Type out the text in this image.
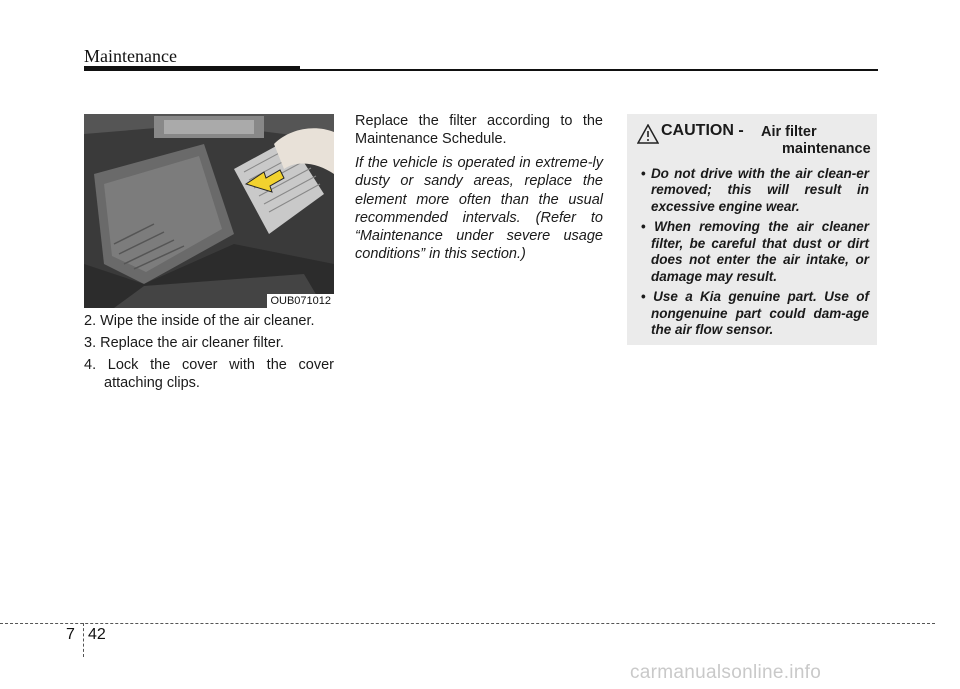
Maintenance
OUB071012
2. Wipe the inside of the air cleaner.
3. Replace the air cleaner filter.
4. Lock the cover with the cover attaching clips.

Replace the filter according to the Maintenance Schedule.

If the vehicle is operated in extreme-ly dusty or sandy areas, replace the element more often than the usual recommended intervals. (Refer to “Maintenance under severe usage conditions” in this section.)

CAUTION - Air filter
maintenance
• Do not drive with the air clean-er removed; this will result in excessive engine wear.
• When removing the air cleaner filter, be careful that dust or dirt does not enter the air intake, or damage may result.
• Use a Kia genuine part. Use of nongenuine part could dam-age the air flow sensor.
7 42
carmanualsonline.info
